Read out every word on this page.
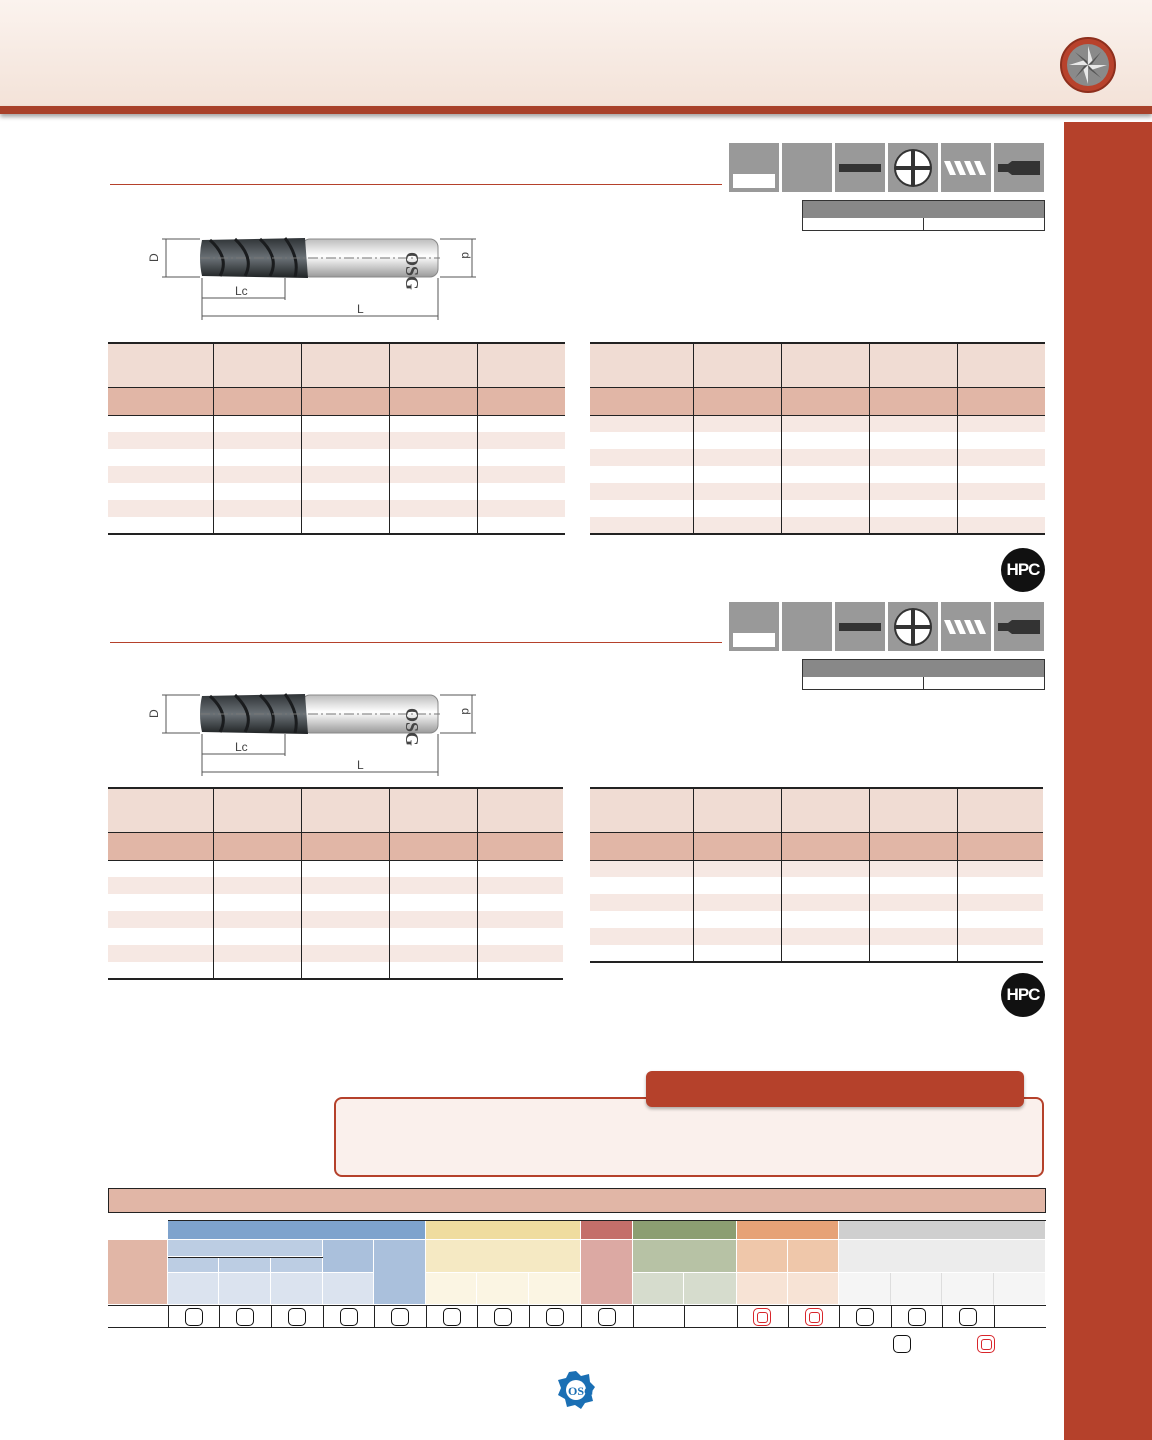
OSG
D	d
Lc
L

HPC
OSG
D	d
Lc
L

HPC
OSG
